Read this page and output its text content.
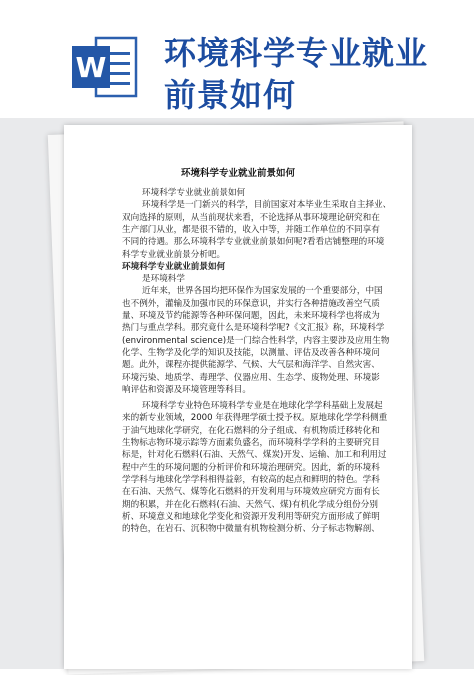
W 环境科学专业就业
前景如何
环境科学专业就业前景如何
环境科学专业就业前景如何
环境科学是一门新兴的科学，目前国家对本毕业生采取自主择业、
双向选择的原则，从当前现状来看，不论选择从事环境理论研究和在
生产部门从业，都是很不错的，收入中等，并随工作单位的不同享有
不同的待遇。那么环境科学专业就业前景如何呢?看看店铺整理的环境
科学专业就业前景分析吧。
环境科学专业就业前景如何
是环境科学
近年来，世界各国均把环保作为国家发展的一个重要部分，中国
也不例外，灌输及加强市民的环保意识，并实行各种措施改善空气质
量、环境及节约能源等各种环保问题，因此，未来环境科学也将成为
热门与重点学科。那究竟什么是环境科学呢?《文汇报》称，环境科学
(environmental science)是一门综合性科学，内容主要涉及应用生物
化学、生物学及化学的知识及技能，以测量、评估及改善各种环境问
题。此外，课程亦提供能源学、气候、大气层和海洋学、自然灾害、
环境污染、地质学、毒理学、仪器应用、生态学、废物处理、环境影
响评估和资源及环境管理等科目。
环境科学专业特色环境科学专业是在地球化学学科基础上发展起
来的新专业领域，2000 年获得理学硕士授予权。原地球化学学科侧重
于油气地球化学研究，在化石燃料的分子组成、有机物质迁移转化和
生物标志物环境示踪等方面素负盛名，而环境科学学科的主要研究目
标是，针对化石燃料(石油、天然气、煤炭)开发、运输、加工和利用过
程中产生的环境问题的分析评价和环境治理研究。因此，新的环境科
学学科与地球化学学科相得益彰，有较高的起点和鲜明的特色。学科
在石油、天然气、煤等化石燃料的开发利用与环境效应研究方面有长
期的积累，并在化石燃料(石油、天然气、煤)有机化学成分组份分别
析、环境意义和地球化学变化和资源开发利用等研究方面形成了鲜明
的特色，在岩石、沉积物中微量有机物检测分析、分子标志物解剖、
